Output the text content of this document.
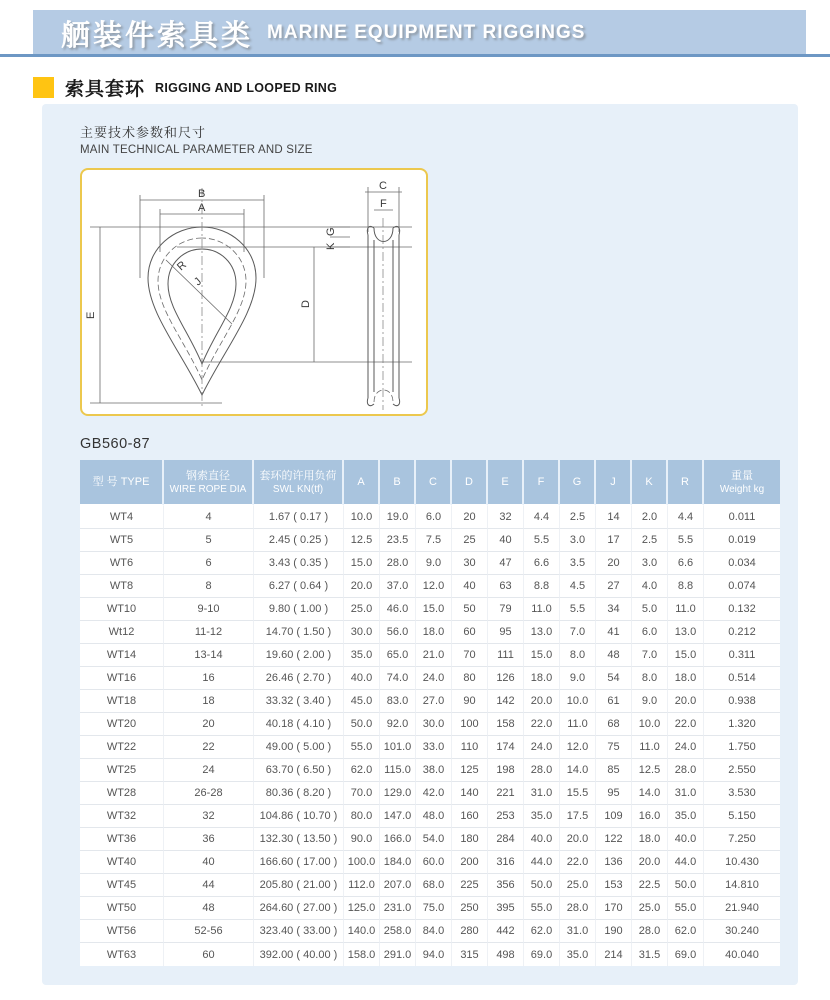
舾装件索具类 MARINE EQUIPMENT RIGGINGS
索具套环 RIGGING AND LOOPED RING
主要技术参数和尺寸
MAIN TECHNICAL PARAMETER AND SIZE
B
A
E
R
J
C
F
G
K
D
GB560-87
型 号 TYPE

钢索直径
WIRE ROPE DIA

套环的许用负荷
SWL KN(tf)

A	B	C	D	E	F	G	J	K	R

重量
Weight kg

WT4	4	1.67 ( 0.17 )	10.0	19.0	6.0	20	32	4.4	2.5	14	2.0	4.4	0.011
WT5	5	2.45 ( 0.25 )	12.5	23.5	7.5	25	40	5.5	3.0	17	2.5	5.5	0.019
WT6	6	3.43 ( 0.35 )	15.0	28.0	9.0	30	47	6.6	3.5	20	3.0	6.6	0.034
WT8	8	6.27 ( 0.64 )	20.0	37.0	12.0	40	63	8.8	4.5	27	4.0	8.8	0.074
WT10	9-10	9.80 ( 1.00 )	25.0	46.0	15.0	50	79	11.0	5.5	34	5.0	11.0	0.132
Wt12	11-12	14.70 ( 1.50 )	30.0	56.0	18.0	60	95	13.0	7.0	41	6.0	13.0	0.212
WT14	13-14	19.60 ( 2.00 )	35.0	65.0	21.0	70	111	15.0	8.0	48	7.0	15.0	0.311
WT16	16	26.46 ( 2.70 )	40.0	74.0	24.0	80	126	18.0	9.0	54	8.0	18.0	0.514
WT18	18	33.32 ( 3.40 )	45.0	83.0	27.0	90	142	20.0	10.0	61	9.0	20.0	0.938
WT20	20	40.18 ( 4.10 )	50.0	92.0	30.0	100	158	22.0	11.0	68	10.0	22.0	1.320
WT22	22	49.00 ( 5.00 )	55.0	101.0	33.0	110	174	24.0	12.0	75	11.0	24.0	1.750
WT25	24	63.70 ( 6.50 )	62.0	115.0	38.0	125	198	28.0	14.0	85	12.5	28.0	2.550
WT28	26-28	80.36 ( 8.20 )	70.0	129.0	42.0	140	221	31.0	15.5	95	14.0	31.0	3.530
WT32	32	104.86 ( 10.70 )	80.0	147.0	48.0	160	253	35.0	17.5	109	16.0	35.0	5.150
WT36	36	132.30 ( 13.50 )	90.0	166.0	54.0	180	284	40.0	20.0	122	18.0	40.0	7.250
WT40	40	166.60 ( 17.00 )	100.0	184.0	60.0	200	316	44.0	22.0	136	20.0	44.0	10.430
WT45	44	205.80 ( 21.00 )	112.0	207.0	68.0	225	356	50.0	25.0	153	22.5	50.0	14.810
WT50	48	264.60 ( 27.00 )	125.0	231.0	75.0	250	395	55.0	28.0	170	25.0	55.0	21.940
WT56	52-56	323.40 ( 33.00 )	140.0	258.0	84.0	280	442	62.0	31.0	190	28.0	62.0	30.240
WT63	60	392.00 ( 40.00 )	158.0	291.0	94.0	315	498	69.0	35.0	214	31.5	69.0	40.040
